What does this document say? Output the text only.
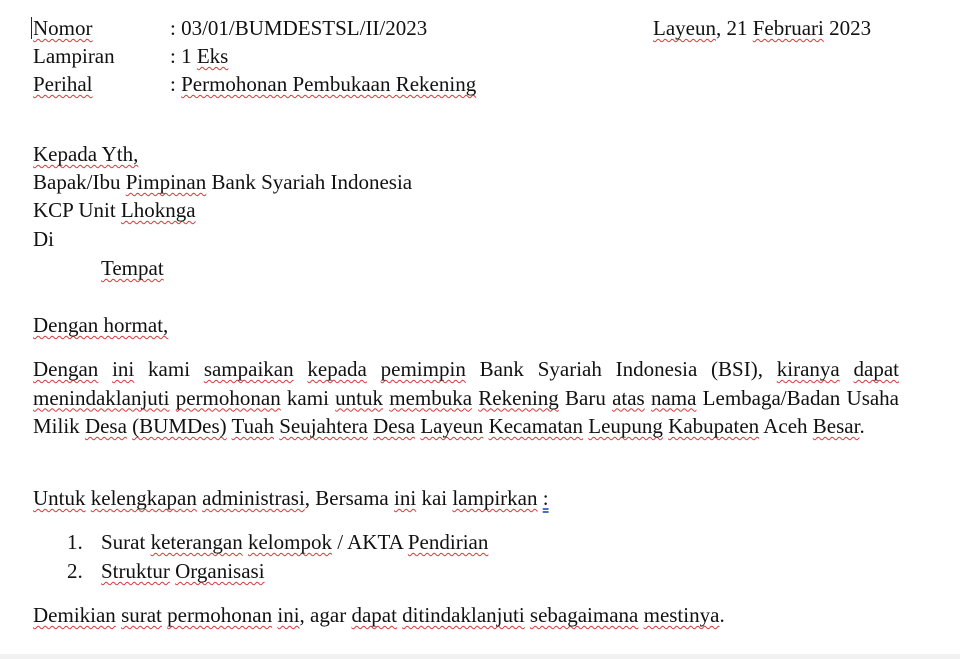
Nomor	: 03/01/BUMDESTSL/II/2023
Lampiran	: 1 Eks
Perihal	: Permohonan Pembukaan Rekening
Layeun, 21 Februari 2023
Kepada Yth,
Bapak/Ibu Pimpinan Bank Syariah Indonesia
KCP Unit Lhoknga
Di
Tempat
Dengan hormat,
Dengan ini kami sampaikan kepada pemimpin Bank Syariah Indonesia (BSI), kiranya dapat menindaklanjuti permohonan kami untuk membuka Rekening Baru atas nama Lembaga/Badan Usaha Milik Desa (BUMDes) Tuah Seujahtera Desa Layeun Kecamatan Leupung Kabupaten Aceh Besar.
Untuk kelengkapan administrasi, Bersama ini kai lampirkan :
1. Surat keterangan kelompok / AKTA Pendirian
2. Struktur Organisasi
Demikian surat permohonan ini, agar dapat ditindaklanjuti sebagaimana mestinya.
